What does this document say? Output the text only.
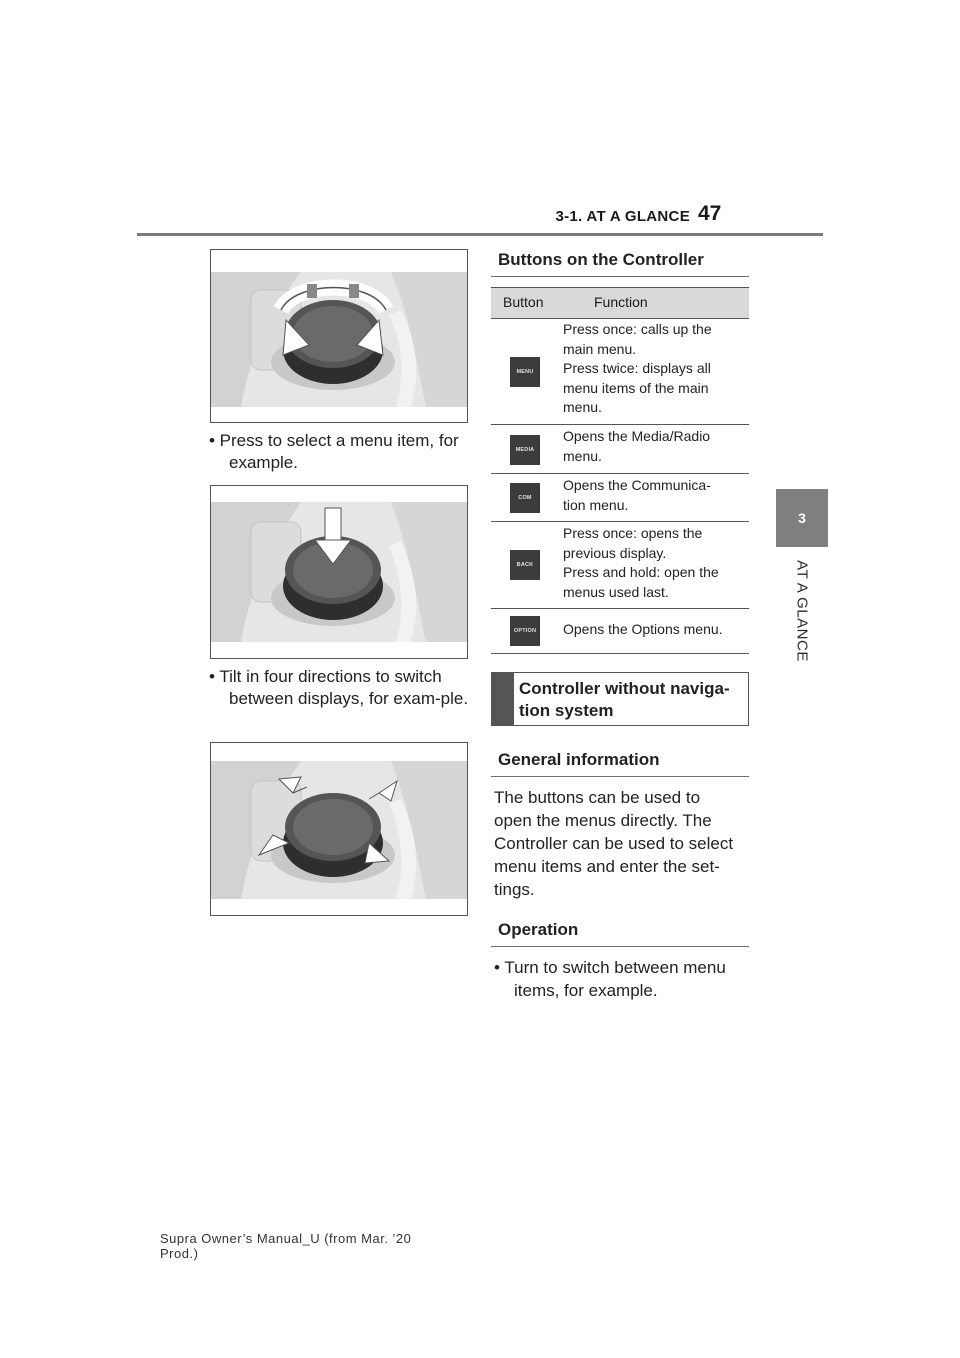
3-1. AT A GLANCE 47
3
AT A GLANCE
• Press to select a menu item, for example.
• Tilt in four directions to switch between displays, for exam-ple.
Buttons on the Controller
Button	Function
MENU
Press once: calls up the
main menu.
Press twice: displays all
menu items of the main
menu.
MEDIA
Opens the Media/Radio
menu.
COM
Opens the Communica-
tion menu.
BACK
Press once: opens the
previous display.
Press and hold: open the
menus used last.
OPTION Opens the Options menu.
Controller without naviga-
tion system
General information
The buttons can be used to
open the menus directly. The
Controller can be used to select
menu items and enter the set-
tings.
Operation
• Turn to switch between menu
items, for example.
Supra Owner’s Manual_U (from Mar. ’20
Prod.)
